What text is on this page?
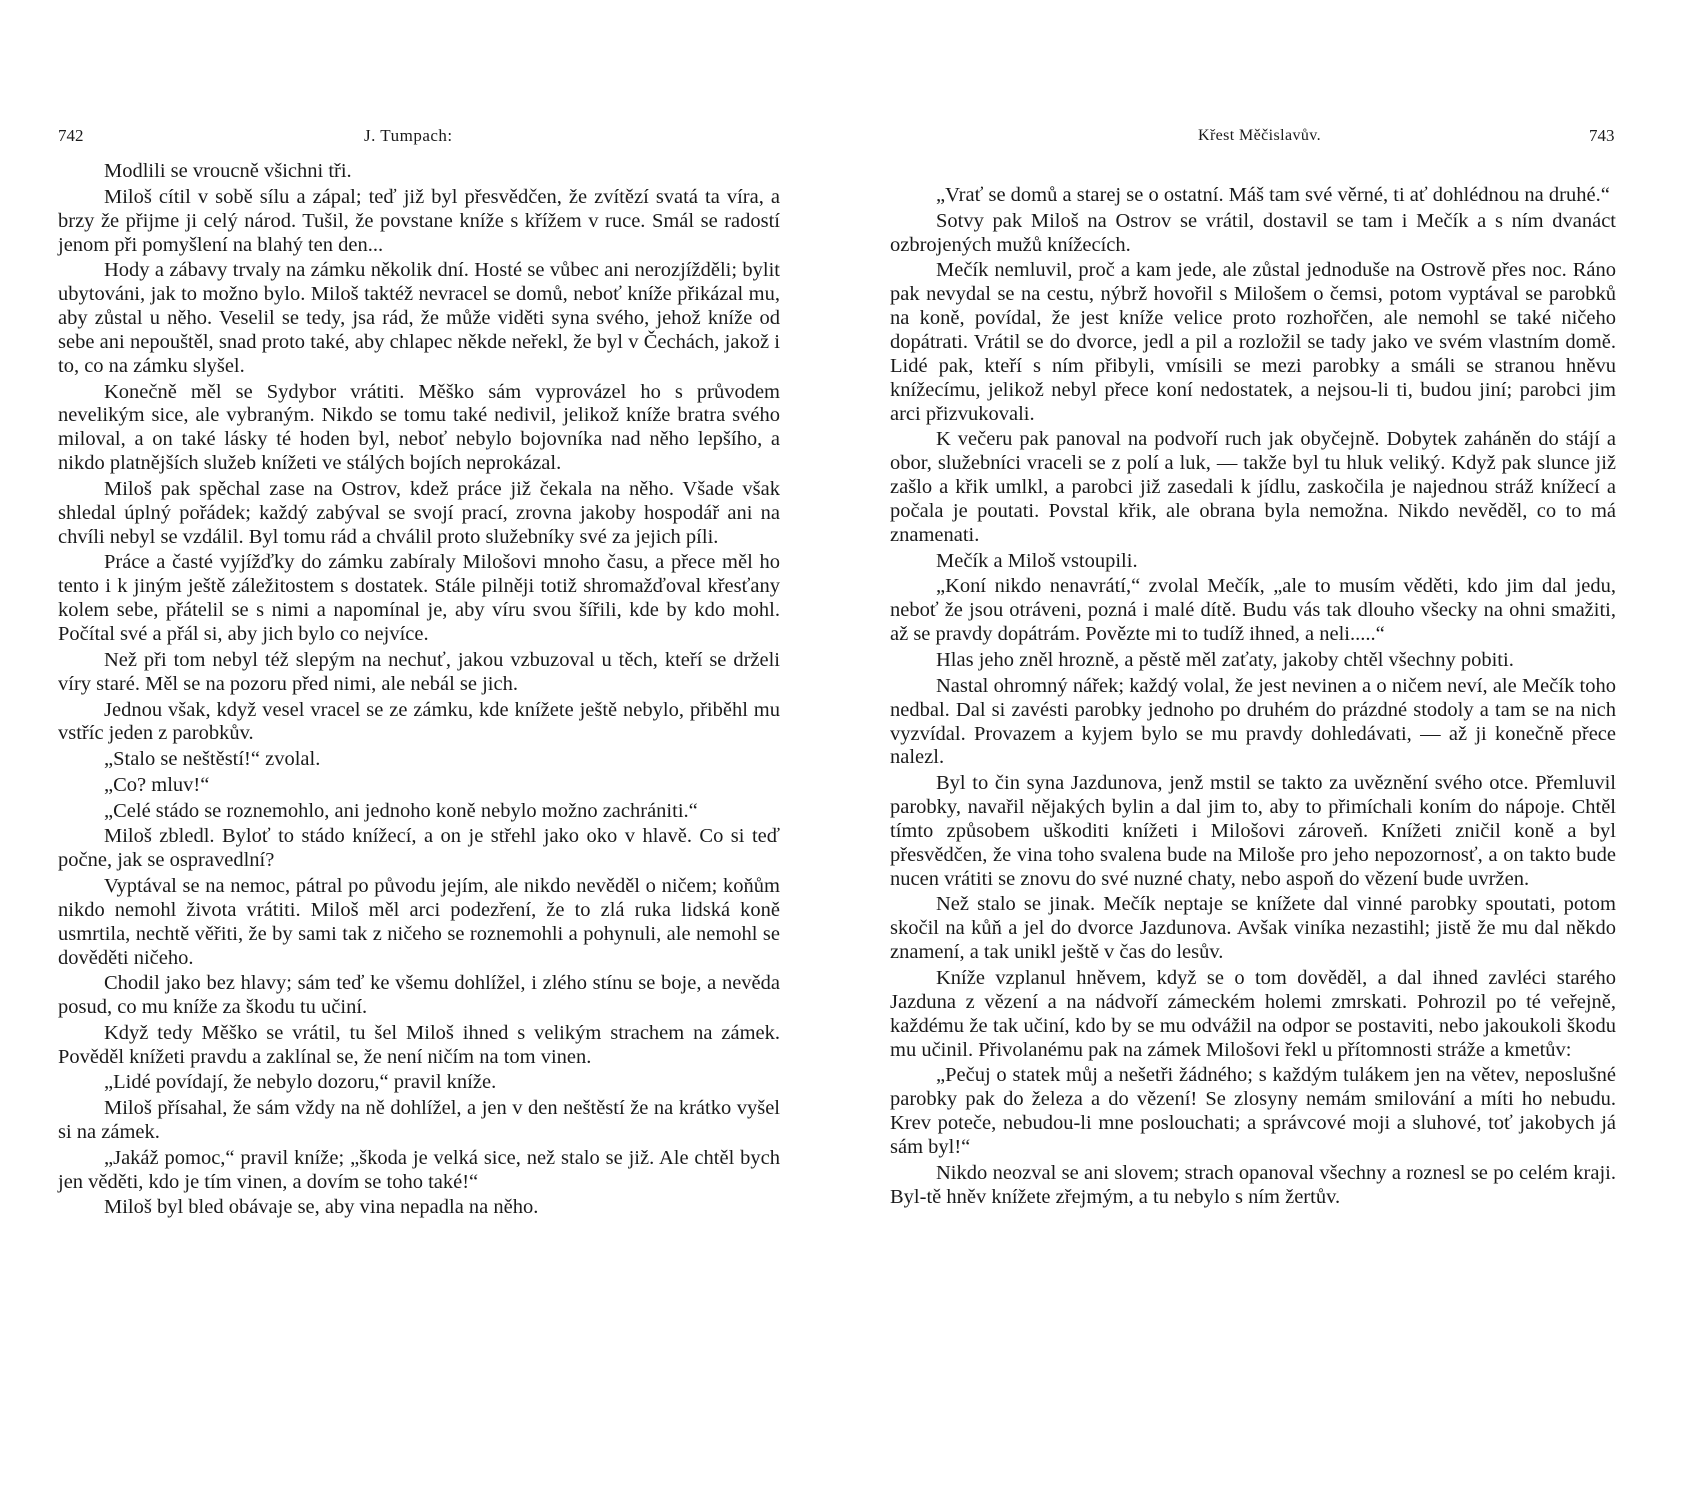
742	J. Tumpach:

Modlili se vroucně všichni tři.

Miloš cítil v sobě sílu a zápal; teď již byl přesvědčen, že zvítězí svatá ta víra, a brzy že přijme ji celý národ. Tušil, že povstane kníže s křížem v ruce. Smál se radostí jenom při pomyšlení na blahý ten den...

Hody a zábavy trvaly na zámku několik dní. Hosté se vůbec ani nerozjížděli; bylit ubytováni, jak to možno bylo. Miloš taktéž nevracel se domů, neboť kníže přikázal mu, aby zůstal u něho. Veselil se tedy, jsa rád, že může viděti syna svého, jehož kníže od sebe ani nepouštěl, snad proto také, aby chlapec někde neřekl, že byl v Čechách, jakož i to, co na zámku slyšel.

Konečně měl se Sydybor vrátiti. Měško sám vyprovázel ho s průvodem nevelikým sice, ale vybraným. Nikdo se tomu také nedivil, jelikož kníže bratra svého miloval, a on také lásky té hoden byl, neboť nebylo bojovníka nad něho lepšího, a nikdo platnějších služeb knížeti ve stálých bojích neprokázal.

Miloš pak spěchal zase na Ostrov, kdež práce již čekala na něho. Všade však shledal úplný pořádek; každý zabýval se svojí prací, zrovna jakoby hospodář ani na chvíli nebyl se vzdálil. Byl tomu rád a chválil proto služebníky své za jejich píli.

Práce a časté vyjížďky do zámku zabíraly Milošovi mnoho času, a přece měl ho tento i k jiným ještě záležitostem s dostatek. Stále pilněji totiž shromažďoval křesťany kolem sebe, přátelil se s nimi a napomínal je, aby víru svou šířili, kde by kdo mohl. Počítal své a přál si, aby jich bylo co nejvíce.

Než při tom nebyl též slepým na nechuť, jakou vzbuzoval u těch, kteří se drželi víry staré. Měl se na pozoru před nimi, ale nebál se jich.

Jednou však, když vesel vracel se ze zámku, kde knížete ještě nebylo, přiběhl mu vstříc jeden z parobkův.

„Stalo se neštěstí!“ zvolal.

„Co? mluv!“

„Celé stádo se roznemohlo, ani jednoho koně nebylo možno zachrániti.“

Miloš zbledl. Byloť to stádo knížecí, a on je střehl jako oko v hlavě. Co si teď počne, jak se ospravedlní?

Vyptával se na nemoc, pátral po původu jejím, ale nikdo nevěděl o ničem; koňům nikdo nemohl života vrátiti. Miloš měl arci podezření, že to zlá ruka lidská koně usmrtila, nechtě věřiti, že by sami tak z ničeho se roznemohli a pohynuli, ale nemohl se dověděti ničeho.

Chodil jako bez hlavy; sám teď ke všemu dohlížel, i zlého stínu se boje, a nevěda posud, co mu kníže za škodu tu učiní.

Když tedy Měško se vrátil, tu šel Miloš ihned s velikým strachem na zámek. Pověděl knížeti pravdu a zaklínal se, že není ničím na tom vinen.

„Lidé povídají, že nebylo dozoru,“ pravil kníže.

Miloš přísahal, že sám vždy na ně dohlížel, a jen v den neštěstí že na krátko vyšel si na zámek.

„Jakáž pomoc,“ pravil kníže; „škoda je velká sice, než stalo se již. Ale chtěl bych jen věděti, kdo je tím vinen, a dovím se toho také!“

Miloš byl bled obávaje se, aby vina nepadla na něho.

Křest Měčislavův.	743

„Vrať se domů a starej se o ostatní. Máš tam své věrné, ti ať dohlédnou na druhé.“

Sotvy pak Miloš na Ostrov se vrátil, dostavil se tam i Mečík a s ním dvanáct ozbrojených mužů knížecích.

Mečík nemluvil, proč a kam jede, ale zůstal jednoduše na Ostrově přes noc. Ráno pak nevydal se na cestu, nýbrž hovořil s Milošem o čemsi, potom vyptával se parobků na koně, povídal, že jest kníže velice proto rozhořčen, ale nemohl se také ničeho dopátrati. Vrátil se do dvorce, jedl a pil a rozložil se tady jako ve svém vlastním domě. Lidé pak, kteří s ním přibyli, vmísili se mezi parobky a smáli se stranou hněvu knížecímu, jelikož nebyl přece koní nedostatek, a nejsou-li ti, budou jiní; parobci jim arci přizvukovali.

K večeru pak panoval na podvoří ruch jak obyčejně. Dobytek zaháněn do stájí a obor, služebníci vraceli se z polí a luk, — takže byl tu hluk veliký. Když pak slunce již zašlo a křik umlkl, a parobci již zasedali k jídlu, zaskočila je najednou stráž knížecí a počala je poutati. Povstal křik, ale obrana byla nemožna. Nikdo nevěděl, co to má znamenati.

Mečík a Miloš vstoupili.

„Koní nikdo nenavrátí,“ zvolal Mečík, „ale to musím věděti, kdo jim dal jedu, neboť že jsou otráveni, pozná i malé dítě. Budu vás tak dlouho všecky na ohni smažiti, až se pravdy dopátrám. Povězte mi to tudíž ihned, a neli.....“

Hlas jeho zněl hrozně, a pěstě měl zaťaty, jakoby chtěl všechny pobiti.

Nastal ohromný nářek; každý volal, že jest nevinen a o ničem neví, ale Mečík toho nedbal. Dal si zavésti parobky jednoho po druhém do prázdné stodoly a tam se na nich vyzvídal. Provazem a kyjem bylo se mu pravdy dohledávati, — až ji konečně přece nalezl.

Byl to čin syna Jazdunova, jenž mstil se takto za uvěznění svého otce. Přemluvil parobky, navařil nějakých bylin a dal jim to, aby to přimíchali koním do nápoje. Chtěl tímto způsobem uškoditi knížeti i Milošovi zároveň. Knížeti zničil koně a byl přesvědčen, že vina toho svalena bude na Miloše pro jeho nepozornosť, a on takto bude nucen vrátiti se znovu do své nuzné chaty, nebo aspoň do vězení bude uvržen.

Než stalo se jinak. Mečík neptaje se knížete dal vinné parobky spoutati, potom skočil na kůň a jel do dvorce Jazdunova. Avšak viníka nezastihl; jistě že mu dal někdo znamení, a tak unikl ještě v čas do lesův.

Kníže vzplanul hněvem, když se o tom dověděl, a dal ihned zavléci starého Jazduna z vězení a na nádvoří zámeckém holemi zmrskati. Pohrozil po té veřejně, každému že tak učiní, kdo by se mu odvážil na odpor se postaviti, nebo jakoukoli škodu mu učinil. Přivolanému pak na zámek Milošovi řekl u přítomnosti stráže a kmetův:

„Pečuj o statek můj a nešetři žádného; s každým tulákem jen na větev, neposlušné parobky pak do železa a do vězení! Se zlosyny nemám smilování a míti ho nebudu. Krev poteče, nebudou-li mne poslouchati; a správcové moji a sluhové, toť jakobych já sám byl!“

Nikdo neozval se ani slovem; strach opanoval všechny a roznesl se po celém kraji. Byl-tě hněv knížete zřejmým, a tu nebylo s ním žertův.
